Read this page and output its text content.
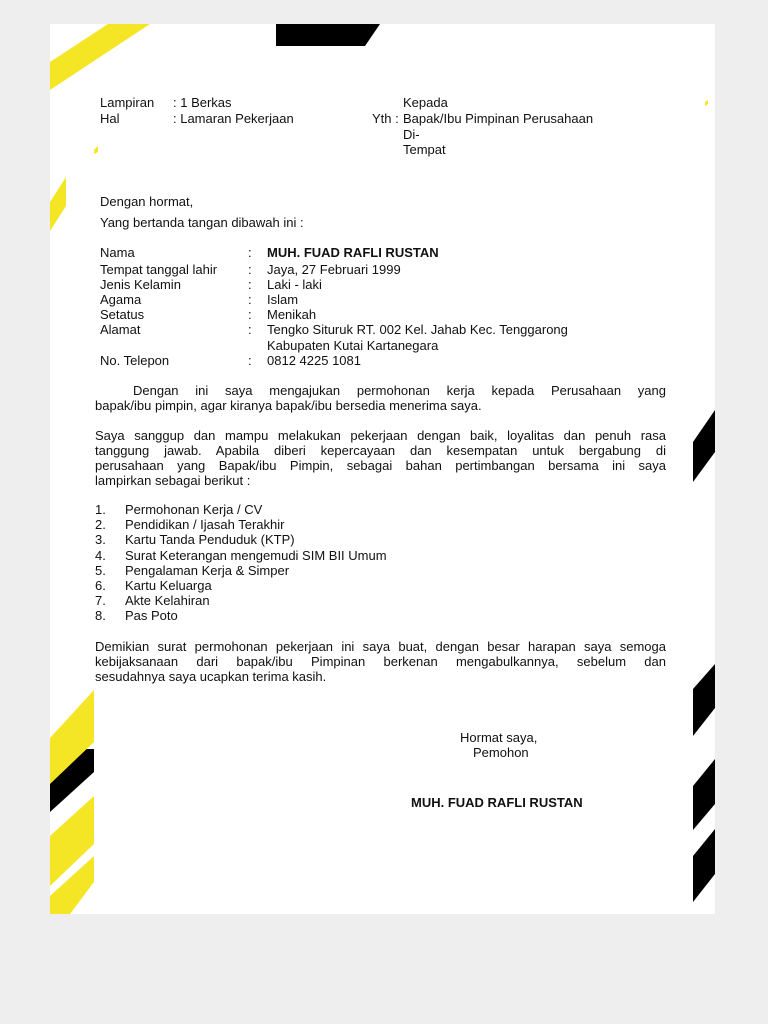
Lampiran : 1 Berkas
Hal	: Lamaran Pekerjaan
Kepada
Yth : Bapak/Ibu Pimpinan Perusahaan
Di-
Tempat
Dengan hormat,
Yang bertanda tangan dibawah ini :
Nama	: MUH. FUAD RAFLI RUSTAN
Tempat tanggal lahir : Jaya, 27 Februari 1999
Jenis Kelamin	: Laki - laki
Agama	: Islam
Setatus	: Menikah
Alamat	: Tengko Situruk RT. 002 Kel. Jahab Kec. Tenggarong
Kabupaten Kutai Kartanegara
No. Telepon	: 0812 4225 1081
Dengan ini saya mengajukan permohonan kerja kepada Perusahaan yang
bapak/ibu pimpin, agar kiranya bapak/ibu bersedia menerima saya.
Saya sanggup dan mampu melakukan pekerjaan dengan baik, loyalitas dan penuh rasa
tanggung jawab. Apabila diberi kepercayaan dan kesempatan untuk bergabung di
perusahaan yang Bapak/ibu Pimpin, sebagai bahan pertimbangan bersama ini saya
lampirkan sebagai berikut :
1.	Permohonan Kerja / CV
2.	Pendidikan / Ijasah Terakhir
3.	Kartu Tanda Penduduk (KTP)
4.	Surat Keterangan mengemudi SIM BII Umum
5.	Pengalaman Kerja & Simper
6.	Kartu Keluarga
7.	Akte Kelahiran
8.	Pas Poto
Demikian surat permohonan pekerjaan ini saya buat, dengan besar harapan saya semoga
kebijaksanaan dari bapak/ibu Pimpinan berkenan mengabulkannya, sebelum dan
sesudahnya saya ucapkan terima kasih.
Hormat saya,
Pemohon
MUH. FUAD RAFLI RUSTAN
